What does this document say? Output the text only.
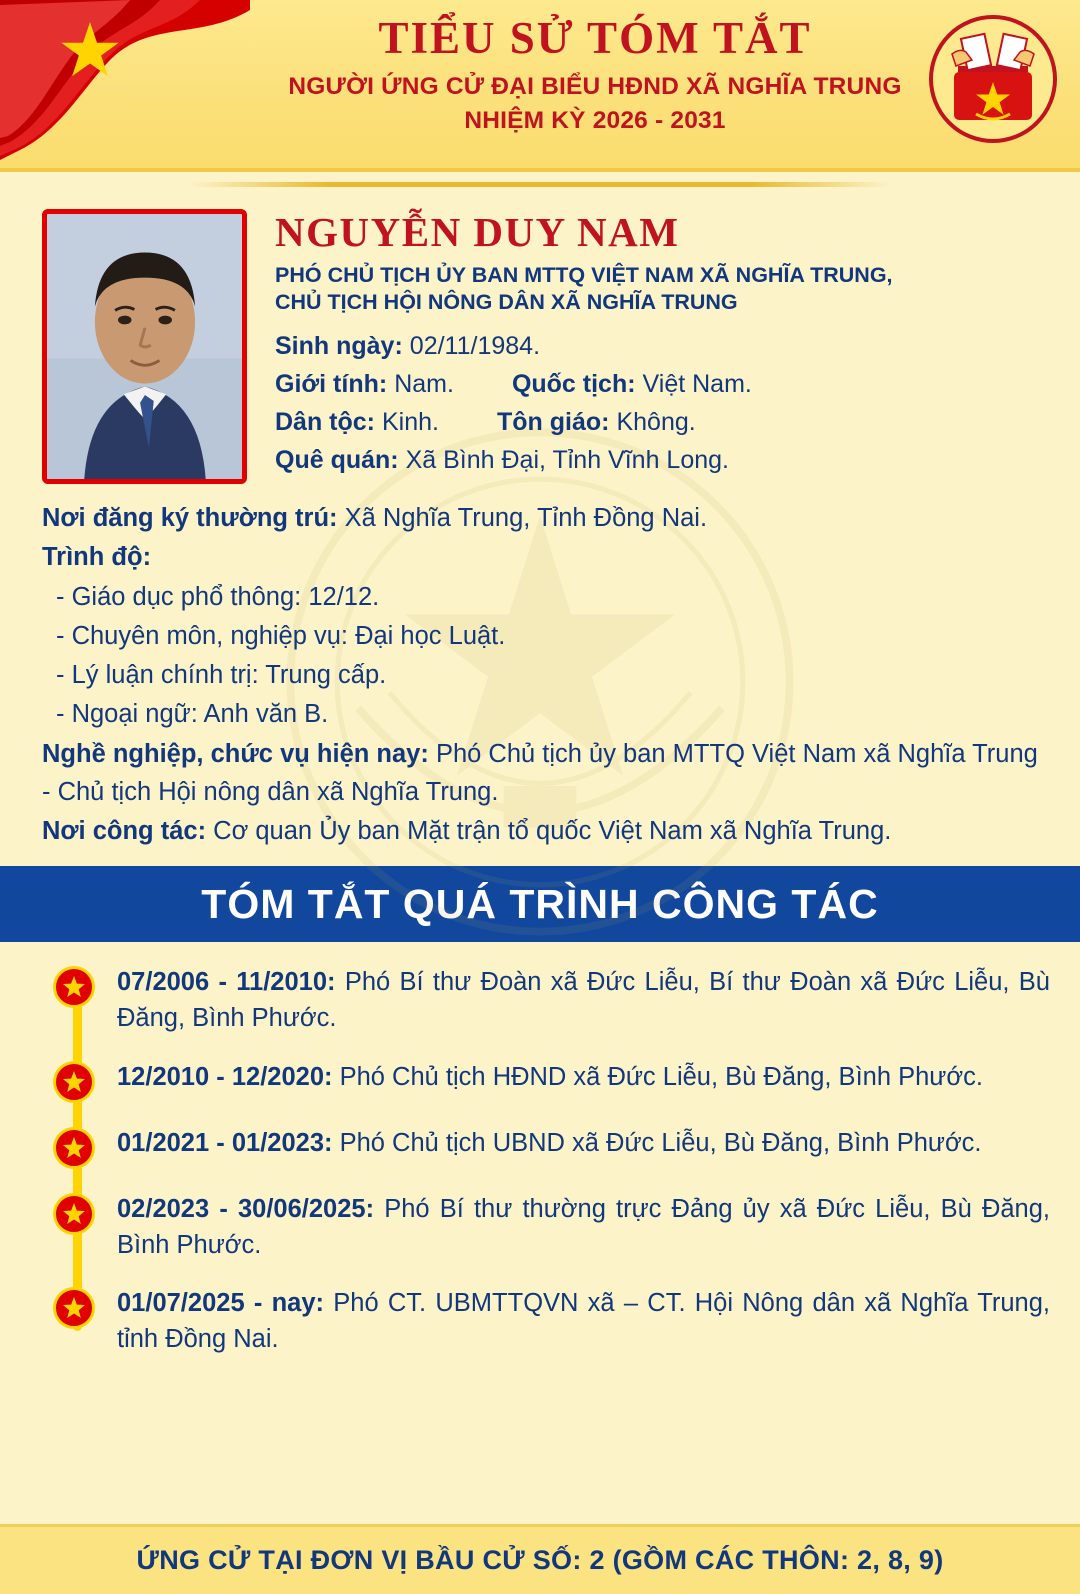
TIỂU SỬ TÓM TẮT
NGƯỜI ỨNG CỬ ĐẠI BIỂU HĐND XÃ NGHĨA TRUNG
NHIỆM KỲ 2026 - 2031
NGUYỄN DUY NAM
PHÓ CHỦ TỊCH ỦY BAN MTTQ VIỆT NAM XÃ NGHĨA TRUNG,
CHỦ TỊCH HỘI NÔNG DÂN XÃ NGHĨA TRUNG
Sinh ngày: 02/11/1984.
Giới tính: Nam. Quốc tịch: Việt Nam.
Dân tộc: Kinh. Tôn giáo: Không.
Quê quán: Xã Bình Đại, Tỉnh Vĩnh Long.
Nơi đăng ký thường trú: Xã Nghĩa Trung, Tỉnh Đồng Nai.
Trình độ:
- Giáo dục phổ thông: 12/12.
- Chuyên môn, nghiệp vụ: Đại học Luật.
- Lý luận chính trị: Trung cấp.
- Ngoại ngữ: Anh văn B.
Nghề nghiệp, chức vụ hiện nay: Phó Chủ tịch ủy ban MTTQ Việt Nam xã Nghĩa Trung - Chủ tịch Hội nông dân xã Nghĩa Trung.
Nơi công tác: Cơ quan Ủy ban Mặt trận tổ quốc Việt Nam xã Nghĩa Trung.
TÓM TẮT QUÁ TRÌNH CÔNG TÁC
07/2006 - 11/2010: Phó Bí thư Đoàn xã Đức Liễu, Bí thư Đoàn xã Đức Liễu, Bù Đăng, Bình Phước.
12/2010 - 12/2020: Phó Chủ tịch HĐND xã Đức Liễu, Bù Đăng, Bình Phước.
01/2021 - 01/2023: Phó Chủ tịch UBND xã Đức Liễu, Bù Đăng, Bình Phước.
02/2023 - 30/06/2025: Phó Bí thư thường trực Đảng ủy xã Đức Liễu, Bù Đăng, Bình Phước.
01/07/2025 - nay: Phó CT. UBMTTQVN xã – CT. Hội Nông dân xã Nghĩa Trung, tỉnh Đồng Nai.
ỨNG CỬ TẠI ĐƠN VỊ BẦU CỬ SỐ: 2 (GỒM CÁC THÔN: 2, 8, 9)
